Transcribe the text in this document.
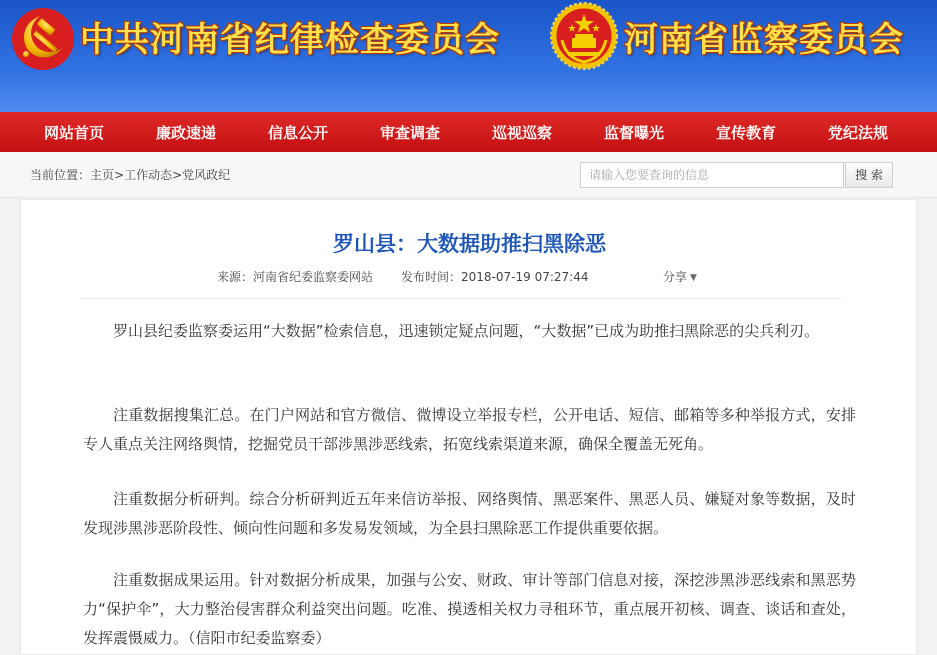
中共河南省纪律检查委员会	河南省监察委员会
网站首页	廉政速递	信息公开	审查调查	巡视巡察	监督曝光	宣传教育	党纪法规
当前位置：主页>工作动态>党风政纪
请输入您要查询的信息	搜 索
罗山县：大数据助推扫黑除恶
来源：河南省纪委监察委网站 发布时间：2018-07-19 07:27:44	分享 ▼

罗山县纪委监察委运用“大数据”检索信息，迅速锁定疑点问题，“大数据”已成为助推扫黑除恶的尖兵利刃。

注重数据搜集汇总。在门户网站和官方微信、微博设立举报专栏，公开电话、短信、邮箱等多种举报方式，安排专人重点关注网络舆情，挖掘党员干部涉黑涉恶线索，拓宽线索渠道来源，确保全覆盖无死角。

注重数据分析研判。综合分析研判近五年来信访举报、网络舆情、黑恶案件、黑恶人员、嫌疑对象等数据，及时发现涉黑涉恶阶段性、倾向性问题和多发易发领域，为全县扫黑除恶工作提供重要依据。

注重数据成果运用。针对数据分析成果，加强与公安、财政、审计等部门信息对接，深挖涉黑涉恶线索和黑恶势力“保护伞”，大力整治侵害群众利益突出问题。吃准、摸透相关权力寻租环节，重点展开初核、调查、谈话和查处，发挥震慑威力。（信阳市纪委监察委）
